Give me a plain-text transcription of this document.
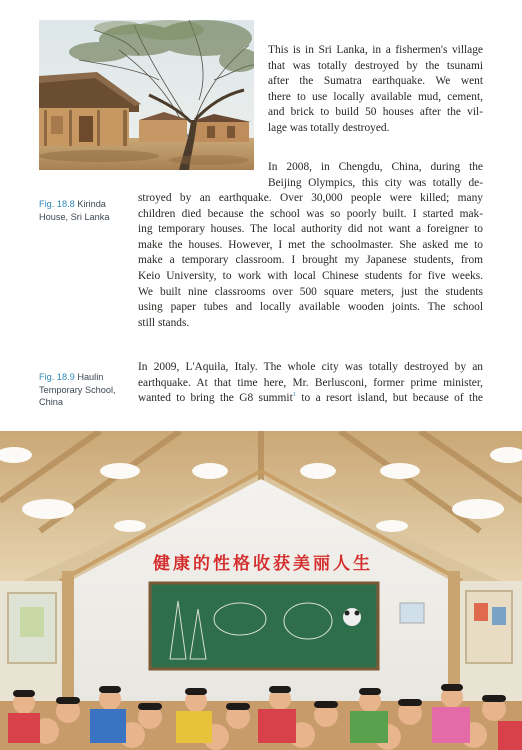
Fig. 18.8 Kirinda
House, Sri Lanka
Fig. 18.9 Haulin
Temporary School,
China
This is in Sri Lanka, in a fishermen's village
that was totally destroyed by the tsunami
after the Sumatra earthquake. We went
there to use locally available mud, cement,
and brick to build 50 houses after the vil-
lage was totally destroyed.
In 2008, in Chengdu, China, during the
Beijing Olympics, this city was totally de-
stroyed by an earthquake. Over 30,000 people were killed; many
children died because the school was so poorly built. I started mak-
ing temporary houses. The local authority did not want a foreigner to
make the houses. However, I met the schoolmaster. She asked me to
make a temporary classroom. I brought my Japanese students, from
Keio University, to work with local Chinese students for five weeks.
We built nine classrooms over 500 square meters, just the students
using paper tubes and locally available wooden joints. The school
still stands.
In 2009, L'Aquila, Italy. The whole city was totally destroyed by an
earthquake. At that time here, Mr. Berlusconi, former prime minister,
wanted to bring the G8 summit$^1$ to a resort island, but because of the
健康的性格收获美丽人生
